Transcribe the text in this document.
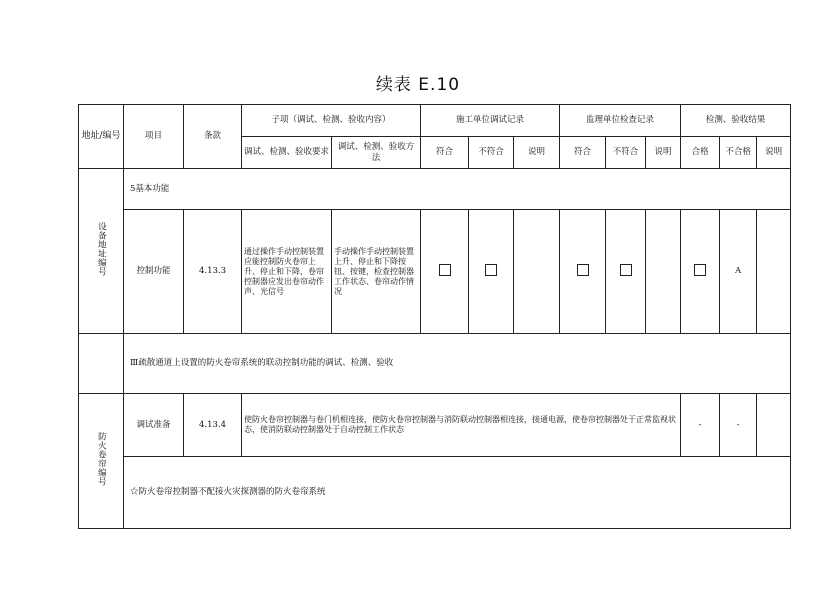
续表 E.10
地址/编号	项目	条款	子项（调试、检测、验收内容）		施工单位调试记录			监理单位检查记录			检测、验收结果		
			调试、检测、验收要求	调试、检测、验收方法	符合	不符合	说明	符合	不符合	说明	合格	不合格	说明
设备地址编号	5基本功能												
	控制功能	4.13.3	通过操作手动控制装置应能控制防火卷帘上升、停止和下降，卷帘控制器应发出卷帘动作声、光信号	手动操作手动控制装置上升、停止和下降按钮、按键，检查控制器工作状态、卷帘动作情况								A	
	Ⅲ疏散通道上设置的防火卷帘系统的联动控制功能的调试、检测、验收												
防火卷帘编号	调试准备	4.13.4	使防火卷帘控制器与卷门机相连接，使防火卷帘控制器与消防联动控制器相连接，接通电源，使卷帘控制器处于正常监视状态，使消防联动控制器处于自动控制工作状态								-	-	
	☆防火卷帘控制器不配接火灾探测器的防火卷帘系统												
